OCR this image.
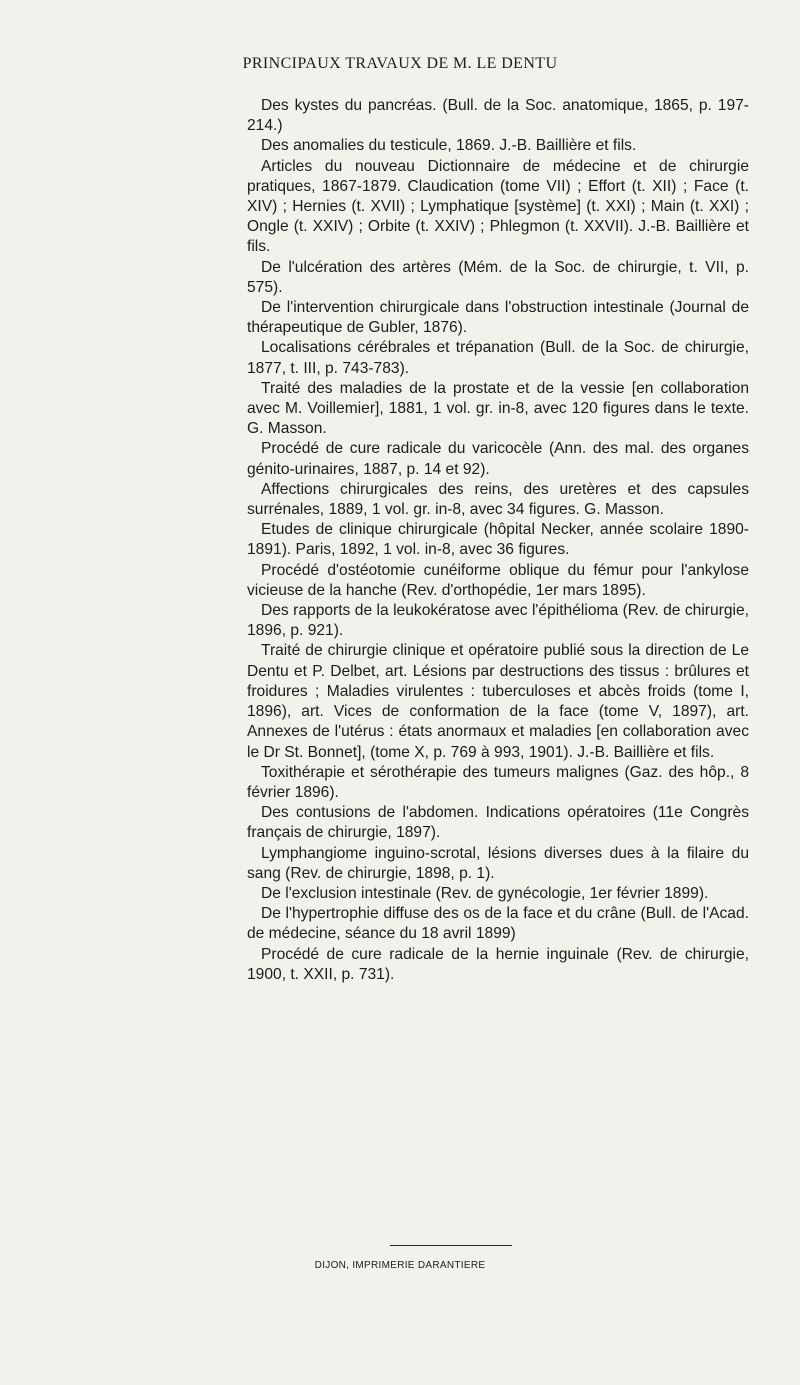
PRINCIPAUX TRAVAUX DE M. LE DENTU

Des kystes du pancréas. (Bull. de la Soc. anatomique, 1865, p. 197-214.)

Des anomalies du testicule, 1869. J.-B. Baillière et fils.

Articles du nouveau Dictionnaire de médecine et de chirurgie pratiques, 1867-1879. Claudication (tome VII) ; Effort (t. XII) ; Face (t. XIV) ; Hernies (t. XVII) ; Lymphatique [système] (t. XXI) ; Main (t. XXI) ; Ongle (t. XXIV) ; Orbite (t. XXIV) ; Phlegmon (t. XXVII). J.-B. Baillière et fils.

De l'ulcération des artères (Mém. de la Soc. de chirurgie, t. VII, p. 575).

De l'intervention chirurgicale dans l'obstruction intestinale (Journal de thérapeutique de Gubler, 1876).

Localisations cérébrales et trépanation (Bull. de la Soc. de chirurgie, 1877, t. III, p. 743-783).

Traité des maladies de la prostate et de la vessie [en collaboration avec M. Voillemier], 1881, 1 vol. gr. in-8, avec 120 figures dans le texte. G. Masson.

Procédé de cure radicale du varicocèle (Ann. des mal. des organes génito-urinaires, 1887, p. 14 et 92).

Affections chirurgicales des reins, des uretères et des capsules surrénales, 1889, 1 vol. gr. in-8, avec 34 figures. G. Masson.

Etudes de clinique chirurgicale (hôpital Necker, année scolaire 1890-1891). Paris, 1892, 1 vol. in-8, avec 36 figures.

Procédé d'ostéotomie cunéiforme oblique du fémur pour l'ankylose vicieuse de la hanche (Rev. d'orthopédie, 1er mars 1895).

Des rapports de la leukokératose avec l'épithélioma (Rev. de chirurgie, 1896, p. 921).

Traité de chirurgie clinique et opératoire publié sous la direction de Le Dentu et P. Delbet, art. Lésions par destructions des tissus : brûlures et froidures ; Maladies virulentes : tuberculoses et abcès froids (tome I, 1896), art. Vices de conformation de la face (tome V, 1897), art. Annexes de l'utérus : états anormaux et maladies [en collaboration avec le Dr St. Bonnet], (tome X, p. 769 à 993, 1901). J.-B. Baillière et fils.

Toxithérapie et sérothérapie des tumeurs malignes (Gaz. des hôp., 8 février 1896).

Des contusions de l'abdomen. Indications opératoires (11e Congrès français de chirurgie, 1897).

Lymphangiome inguino-scrotal, lésions diverses dues à la filaire du sang (Rev. de chirurgie, 1898, p. 1).

De l'exclusion intestinale (Rev. de gynécologie, 1er février 1899).

De l'hypertrophie diffuse des os de la face et du crâne (Bull. de l'Acad. de médecine, séance du 18 avril 1899)

Procédé de cure radicale de la hernie inguinale (Rev. de chirurgie, 1900, t. XXII, p. 731).

DIJON, IMPRIMERIE DARANTIERE
